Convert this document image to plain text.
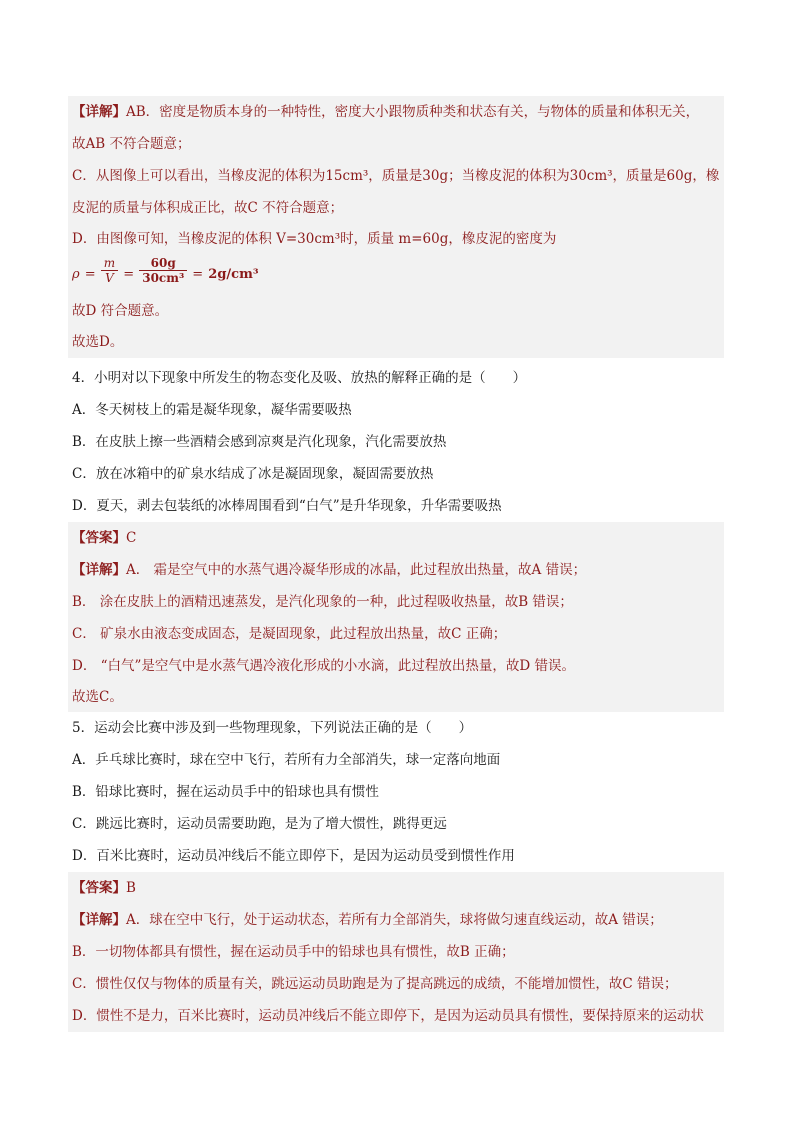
【详解】AB．密度是物质本身的一种特性，密度大小跟物质种类和状态有关，与物体的质量和体积无关，
故AB 不符合题意；
C．从图像上可以看出，当橡皮泥的体积为15cm³，质量是30g；当橡皮泥的体积为30cm³，质量是60g，橡
皮泥的质量与体积成正比，故C 不符合题意；
D．由图像可知，当橡皮泥的体积 V=30cm³时，质量 m=60g，橡皮泥的密度为
$\rho = \frac{m}{V} = \frac{60g}{\text{30cm³}} = 2g/cm^3$
故D 符合题意。
故选D。
4．小明对以下现象中所发生的物态变化及吸、放热的解释正确的是（　　）
A．冬天树枝上的霜是凝华现象，凝华需要吸热
B．在皮肤上擦一些酒精会感到凉爽是汽化现象，汽化需要放热
C．放在冰箱中的矿泉水结成了冰是凝固现象，凝固需要放热
D．夏天，剥去包装纸的冰棒周围看到“白气”是升华现象，升华需要吸热
【答案】C
【详解】A． 霜是空气中的水蒸气遇冷凝华形成的冰晶，此过程放出热量，故A 错误；
B． 涂在皮肤上的酒精迅速蒸发，是汽化现象的一种，此过程吸收热量，故B 错误；
C． 矿泉水由液态变成固态，是凝固现象，此过程放出热量，故C 正确；
D． “白气”是空气中是水蒸气遇冷液化形成的小水滴，此过程放出热量，故D 错误。
故选C。
5．运动会比赛中涉及到一些物理现象，下列说法正确的是（　　）
A．乒乓球比赛时，球在空中飞行，若所有力全部消失，球一定落向地面
B．铅球比赛时，握在运动员手中的铅球也具有惯性
C．跳远比赛时，运动员需要助跑，是为了增大惯性，跳得更远
D．百米比赛时，运动员冲线后不能立即停下，是因为运动员受到惯性作用
【答案】B
【详解】A．球在空中飞行，处于运动状态，若所有力全部消失，球将做匀速直线运动，故A 错误；
B．一切物体都具有惯性，握在运动员手中的铅球也具有惯性，故B 正确；
C．惯性仅仅与物体的质量有关，跳远运动员助跑是为了提高跳远的成绩，不能增加惯性，故C 错误；
D．惯性不是力，百米比赛时，运动员冲线后不能立即停下，是因为运动员具有惯性，要保持原来的运动状
